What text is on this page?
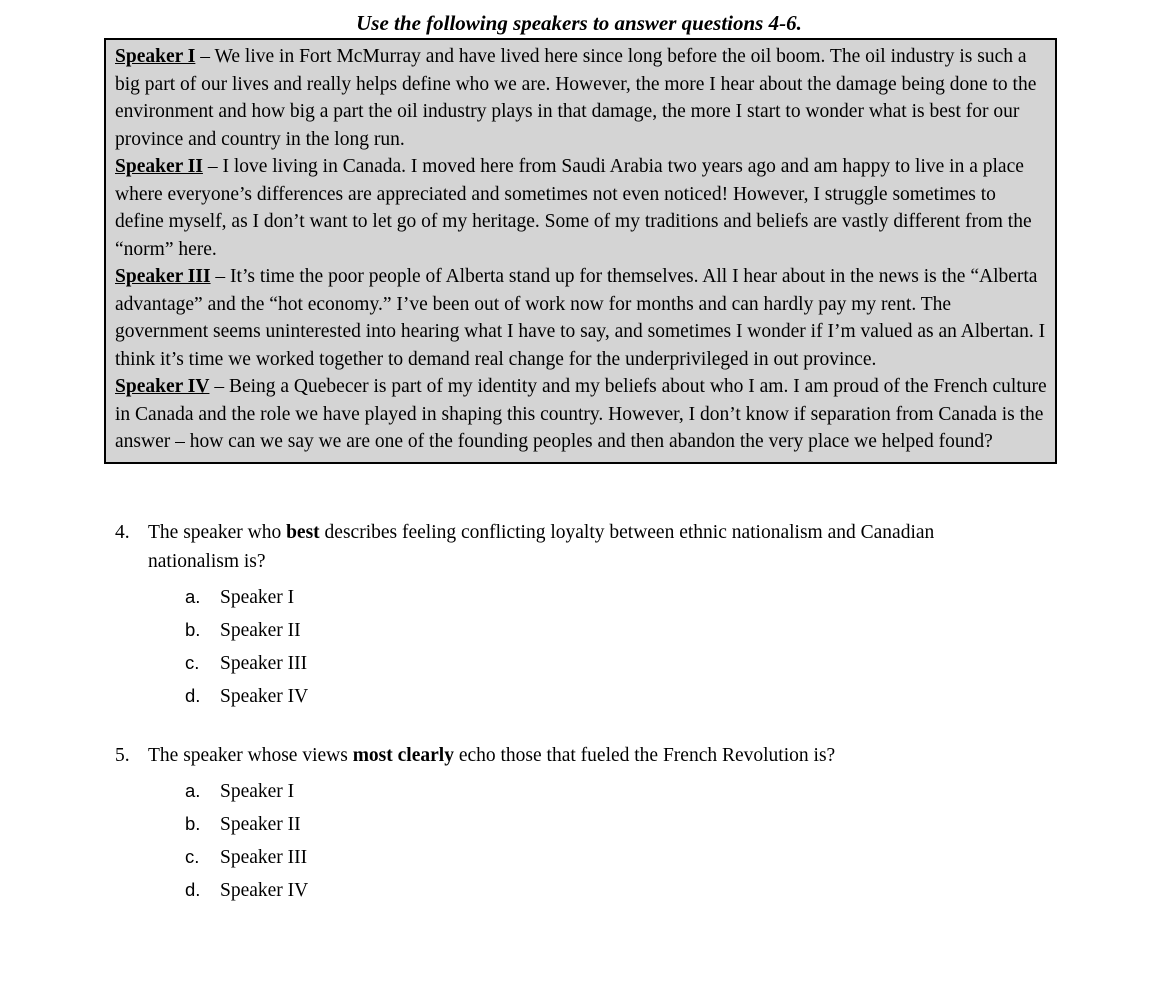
Use the following speakers to answer questions 4-6.

Speaker I – We live in Fort McMurray and have lived here since long before the oil boom. The oil industry is such a big part of our lives and really helps define who we are. However, the more I hear about the damage being done to the environment and how big a part the oil industry plays in that damage, the more I start to wonder what is best for our province and country in the long run.

Speaker II – I love living in Canada. I moved here from Saudi Arabia two years ago and am happy to live in a place where everyone’s differences are appreciated and sometimes not even noticed! However, I struggle sometimes to define myself, as I don’t want to let go of my heritage. Some of my traditions and beliefs are vastly different from the “norm” here.

Speaker III – It’s time the poor people of Alberta stand up for themselves. All I hear about in the news is the “Alberta advantage” and the “hot economy.” I’ve been out of work now for months and can hardly pay my rent. The government seems uninterested into hearing what I have to say, and sometimes I wonder if I’m valued as an Albertan. I think it’s time we worked together to demand real change for the underprivileged in out province.

Speaker IV – Being a Quebecer is part of my identity and my beliefs about who I am. I am proud of the French culture in Canada and the role we have played in shaping this country. However, I don’t know if separation from Canada is the answer – how can we say we are one of the founding peoples and then abandon the very place we helped found?

4. The speaker who best describes feeling conflicting loyalty between ethnic nationalism and Canadian nationalism is?
a.	Speaker I
b.	Speaker II
c.	Speaker III
d.	Speaker IV
5. The speaker whose views most clearly echo those that fueled the French Revolution is?
a.	Speaker I
b.	Speaker II
c.	Speaker III
d.	Speaker IV
